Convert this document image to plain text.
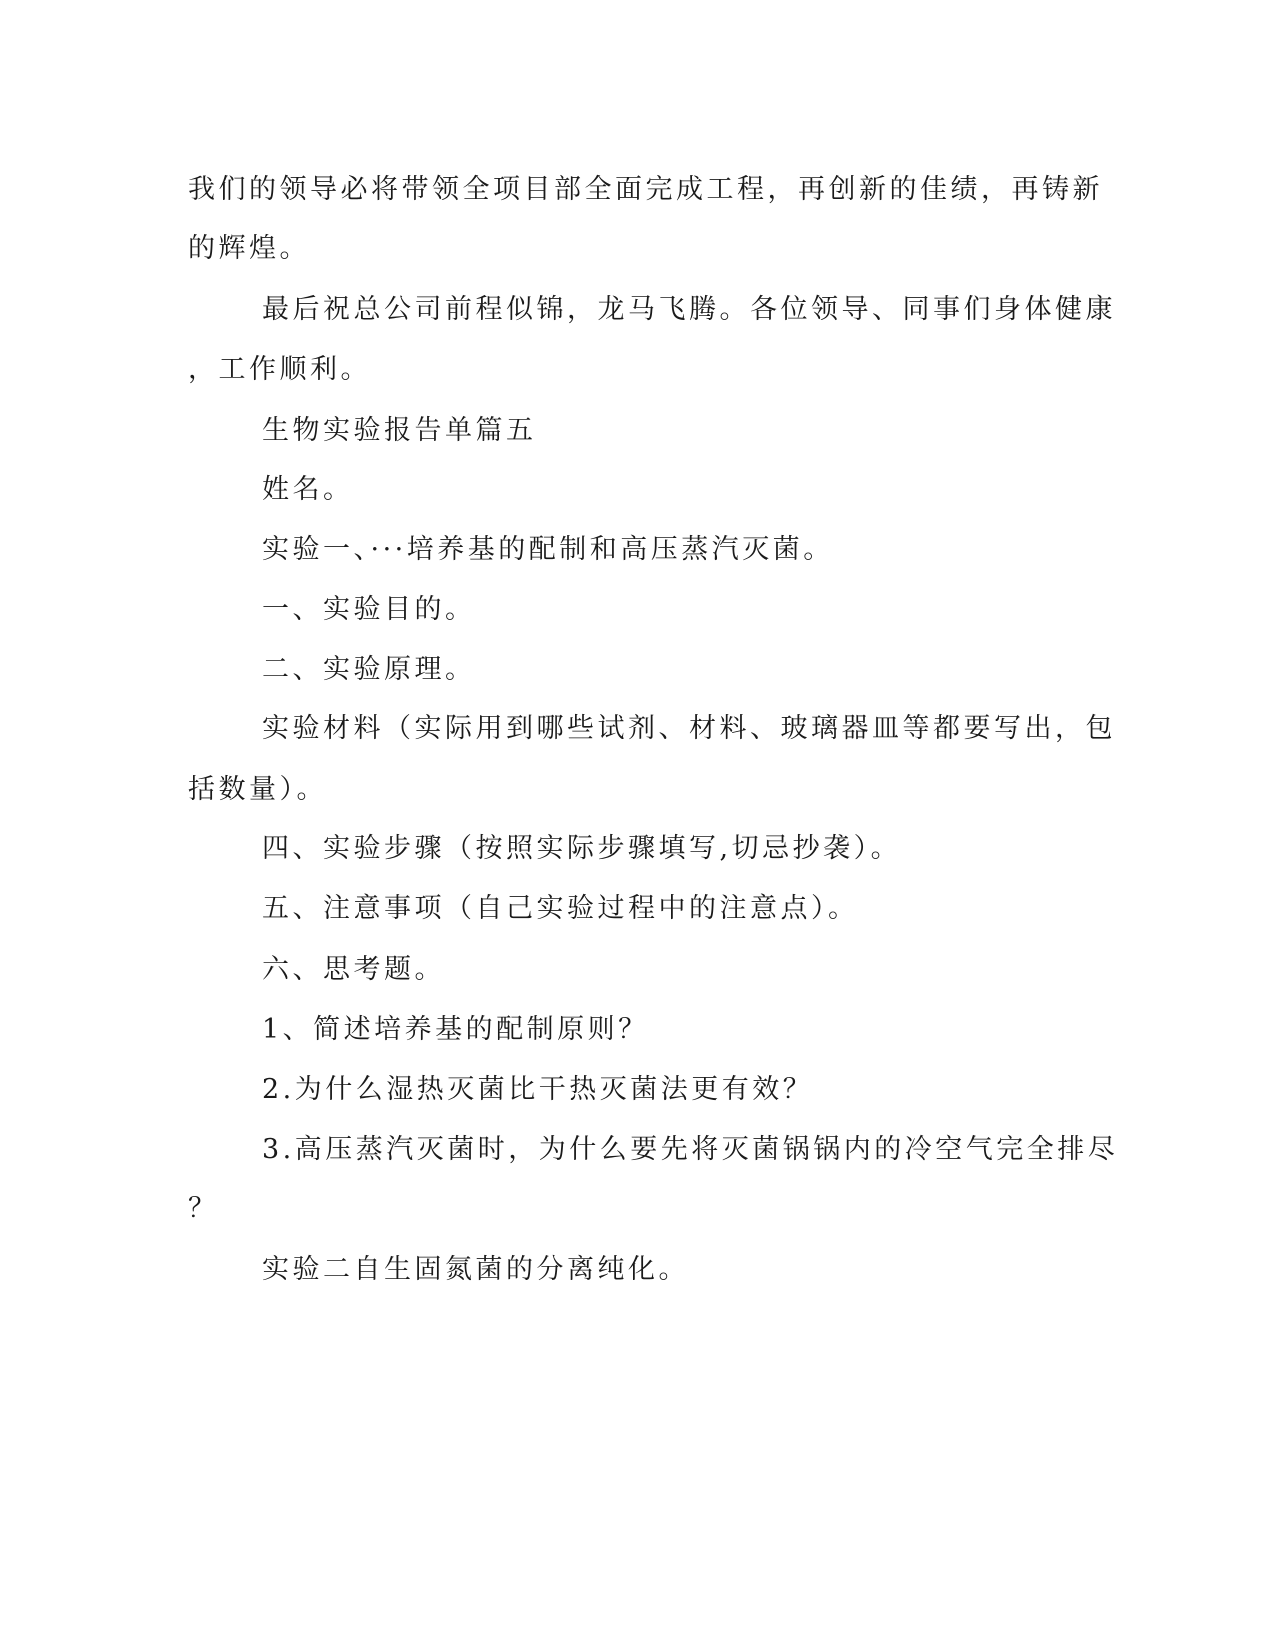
我们的领导必将带领全项目部全面完成工程，再创新的佳绩，再铸新
的辉煌。
最后祝总公司前程似锦，龙马飞腾。各位领导、同事们身体健康
，工作顺利。
生物实验报告单篇五
姓名。
实验一、···培养基的配制和高压蒸汽灭菌。
一、实验目的。
二、实验原理。
实验材料（实际用到哪些试剂、材料、玻璃器皿等都要写出，包
括数量）。
四、实验步骤（按照实际步骤填写,切忌抄袭）。
五、注意事项（自己实验过程中的注意点）。
六、思考题。
1、简述培养基的配制原则？
2.为什么湿热灭菌比干热灭菌法更有效？
3.高压蒸汽灭菌时，为什么要先将灭菌锅锅内的冷空气完全排尽
？
实验二自生固氮菌的分离纯化。
